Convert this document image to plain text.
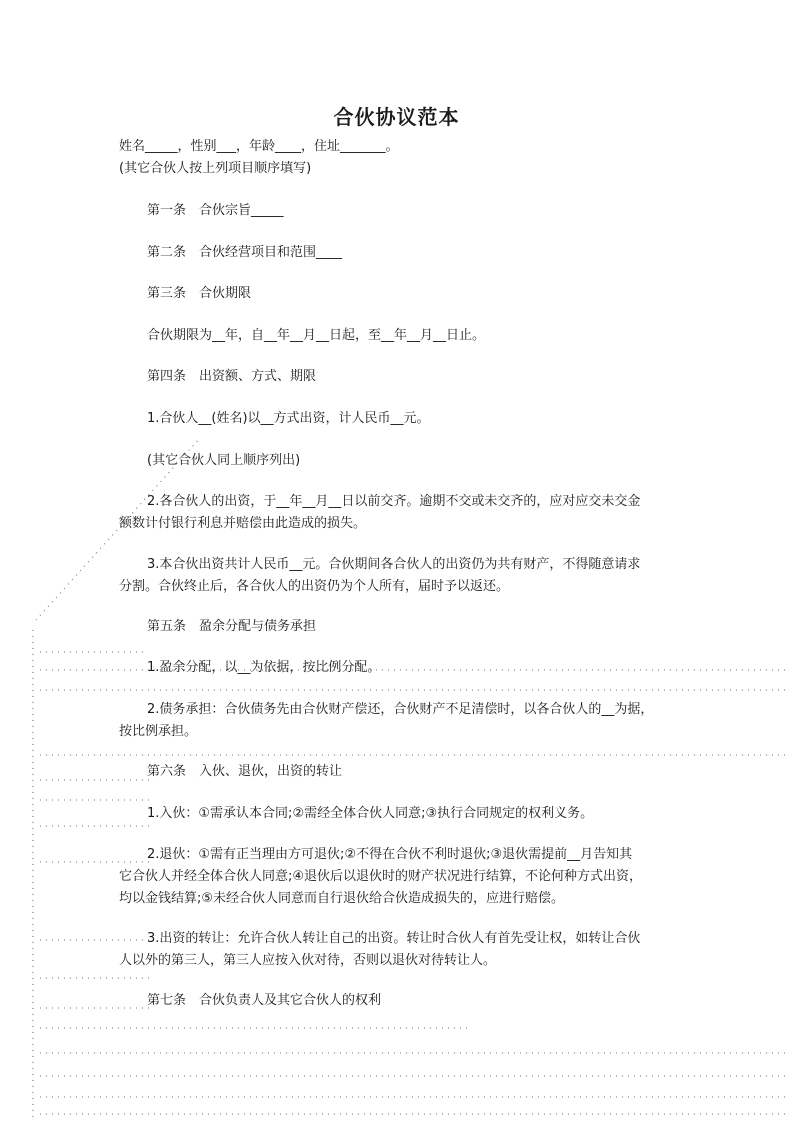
合伙协议范本
姓名_____，性别___，年龄____，住址_______。
(其它合伙人按上列项目顺序填写)
第一条　合伙宗旨_____
第二条　合伙经营项目和范围____
第三条　合伙期限
合伙期限为__年，自__年__月__日起，至__年__月__日止。
第四条　出资额、方式、期限
1.合伙人__(姓名)以__方式出资，计人民币__元。
(其它合伙人同上顺序列出)
2.各合伙人的出资，于__年__月__日以前交齐。逾期不交或未交齐的，应对应交未交金
额数计付银行利息并赔偿由此造成的损失。
3.本合伙出资共计人民币__元。合伙期间各合伙人的出资仍为共有财产，不得随意请求
分割。合伙终止后，各合伙人的出资仍为个人所有，届时予以返还。
第五条　盈余分配与债务承担
1.盈余分配，以__为依据，按比例分配。
2.债务承担：合伙债务先由合伙财产偿还，合伙财产不足清偿时，以各合伙人的__为据，
按比例承担。
第六条　入伙、退伙，出资的转让
1.入伙：①需承认本合同;②需经全体合伙人同意;③执行合同规定的权利义务。
2.退伙：①需有正当理由方可退伙;②不得在合伙不利时退伙;③退伙需提前__月告知其
它合伙人并经全体合伙人同意;④退伙后以退伙时的财产状况进行结算，不论何种方式出资，
均以金钱结算;⑤未经合伙人同意而自行退伙给合伙造成损失的，应进行赔偿。
3.出资的转让：允许合伙人转让自己的出资。转让时合伙人有首先受让权，如转让合伙
人以外的第三人，第三人应按入伙对待，否则以退伙对待转让人。
第七条　合伙负责人及其它合伙人的权利
